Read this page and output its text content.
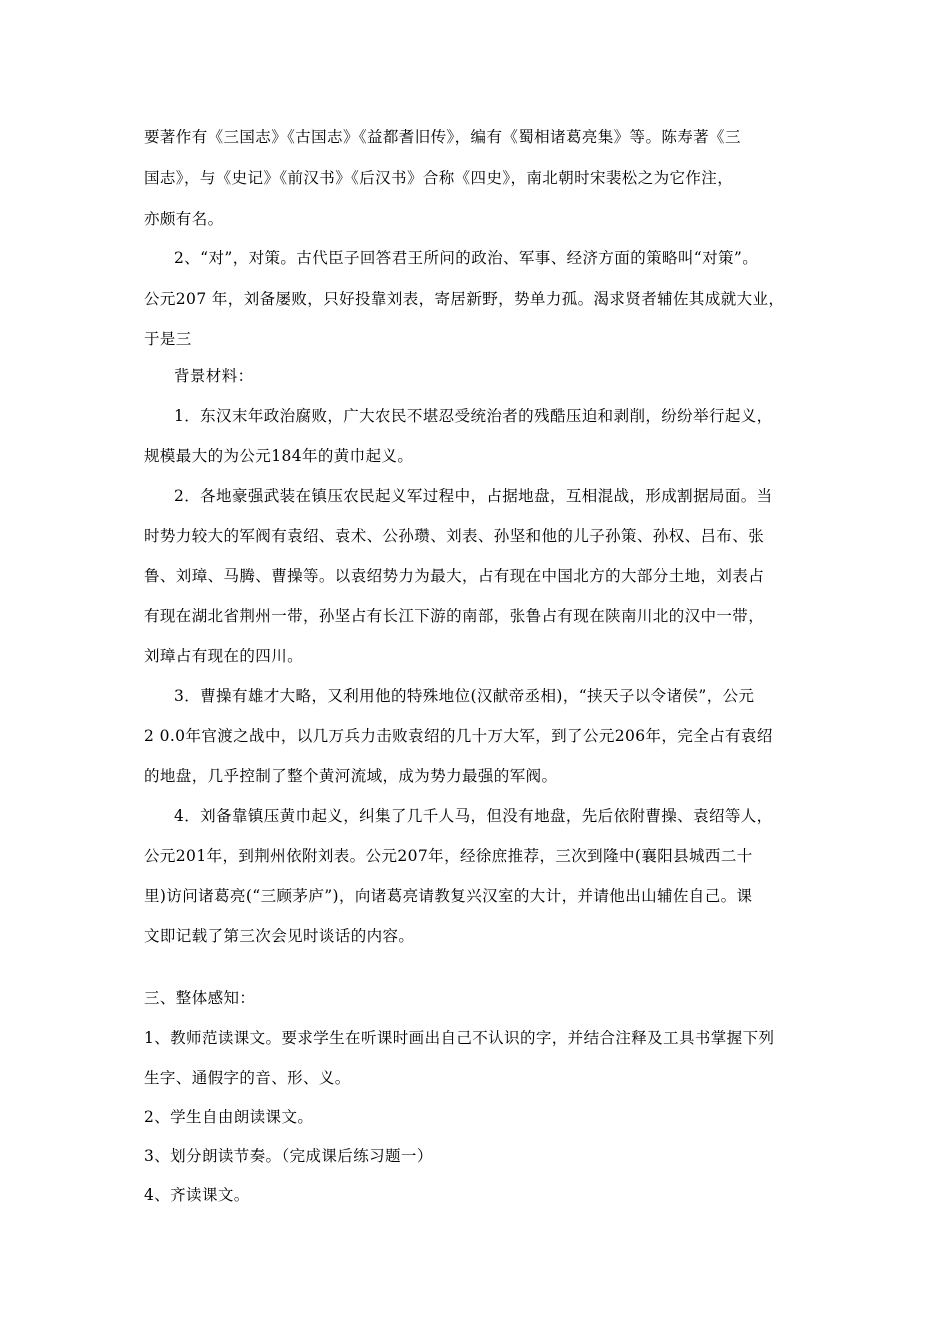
要著作有《三国志》《古国志》《益都耆旧传》，编有《蜀相诸葛亮集》等。陈寿著《三
国志》，与《史记》《前汉书》《后汉书》合称《四史》，南北朝时宋裴松之为它作注，
亦颇有名。
2、“对”，对策。古代臣子回答君王所问的政治、军事、经济方面的策略叫“对策”。
公元207 年，刘备屡败，只好投靠刘表，寄居新野，势单力孤。渴求贤者辅佐其成就大业，
于是三
背景材料：
1．东汉末年政治腐败，广大农民不堪忍受统治者的残酷压迫和剥削，纷纷举行起义，
规模最大的为公元184年的黄巾起义。
2．各地豪强武装在镇压农民起义军过程中，占据地盘，互相混战，形成割据局面。当
时势力较大的军阀有袁绍、袁术、公孙瓒、刘表、孙坚和他的儿子孙策、孙权、吕布、张
鲁、刘璋、马腾、曹操等。以袁绍势力为最大，占有现在中国北方的大部分土地，刘表占
有现在湖北省荆州一带，孙坚占有长江下游的南部，张鲁占有现在陕南川北的汉中一带，
刘璋占有现在的四川。
3．曹操有雄才大略，又利用他的特殊地位(汉献帝丞相)，“挟天子以令诸侯”，公元
2 0.0年官渡之战中，以几万兵力击败袁绍的几十万大军，到了公元206年，完全占有袁绍
的地盘，几乎控制了整个黄河流域，成为势力最强的军阀。
4．刘备靠镇压黄巾起义，纠集了几千人马，但没有地盘，先后依附曹操、袁绍等人，
公元201年，到荆州依附刘表。公元207年，经徐庶推荐，三次到隆中(襄阳县城西二十
里)访问诸葛亮(“三顾茅庐”)，向诸葛亮请教复兴汉室的大计，并请他出山辅佐自己。课
文即记载了第三次会见时谈话的内容。
三、整体感知：
1、教师范读课文。要求学生在听课时画出自己不认识的字，并结合注释及工具书掌握下列
生字、通假字的音、形、义。
2、学生自由朗读课文。
3、划分朗读节奏。（完成课后练习题一）
4、齐读课文。
